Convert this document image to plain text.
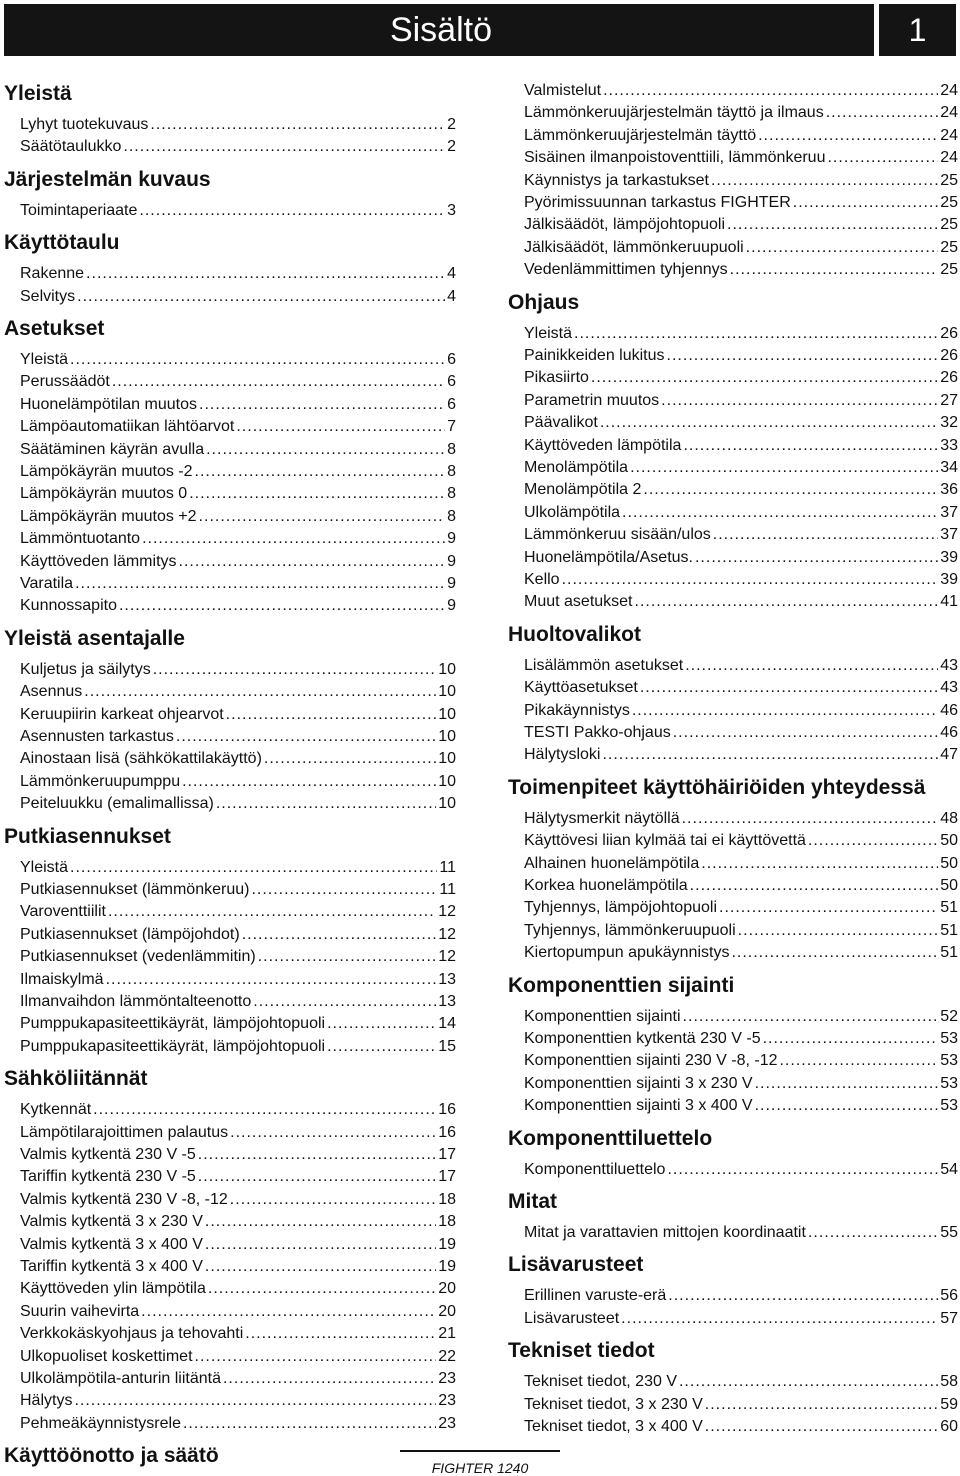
Sisältö	1
Yleistä
Lyhyt tuotekuvaus .....	2
Säätötaulukko .....	2
Järjestelmän kuvaus
Toimintaperiaate .....	3
Käyttötaulu
Rakenne .....	4
Selvitys .....	4
Asetukset
Yleistä .....	6
Perussäädöt .....	6
Huonelämpötilan muutos .....	6
Lämpöautomatiikan lähtöarvot .....	7
Säätäminen käyrän avulla .....	8
Lämpökäyrän muutos -2 .....	8
Lämpökäyrän muutos 0 .....	8
Lämpökäyrän muutos +2 .....	8
Lämmöntuotanto .....	9
Käyttöveden lämmitys .....	9
Varatila .....	9
Kunnossapito .....	9
Yleistä asentajalle
Kuljetus ja säilytys .....	10
Asennus .....	10
Keruupiirin karkeat ohjearvot .....	10
Asennusten tarkastus .....	10
Ainostaan lisä (sähkökattilakäyttö) .....	10
Lämmönkeruupumppu .....	10
Peiteluukku (emalimallissa) .....	10
Putkiasennukset
Yleistä .....	11
Putkiasennukset (lämmönkeruu) .....	11
Varoventtiilit .....	12
Putkiasennukset (lämpöjohdot) .....	12
Putkiasennukset (vedenlämmitin) .....	12
Ilmaiskylmä .....	13
Ilmanvaihdon lämmöntalteenotto .....	13
Pumppukapasiteettikäyrät, lämpöjohtopuoli .....	14
Pumppukapasiteettikäyrät, lämpöjohtopuoli .....	15
Sähköliitännät
Kytkennät .....	16
Lämpötilarajoittimen palautus .....	16
Valmis kytkentä 230 V -5 .....	17
Tariffin kytkentä 230 V -5 .....	17
Valmis kytkentä 230 V -8, -12 .....	18
Valmis kytkentä 3 x 230 V .....	18
Valmis kytkentä 3 x 400 V .....	19
Tariffin kytkentä 3 x 400 V .....	19
Käyttöveden ylin lämpötila .....	20
Suurin vaihevirta .....	20
Verkkokäskyohjaus ja tehovahti .....	21
Ulkopuoliset koskettimet .....	22
Ulkolämpötila-anturin liitäntä .....	23
Hälytys .....	23
Pehmeäkäynnistysrele .....	23
Käyttöönotto ja säätö
Valmistelut .....	24
Lämmönkeruujärjestelmän täyttö ja ilmaus .....	24
Lämmönkeruujärjestelmän täyttö .....	24
Sisäinen ilmanpoistoventtiili, lämmönkeruu .....	24
Käynnistys ja tarkastukset .....	25
Pyörimissuunnan tarkastus FIGHTER .....	25
Jälkisäädöt, lämpöjohtopuoli .....	25
Jälkisäädöt, lämmönkeruupuoli .....	25
Vedenlämmittimen tyhjennys .....	25
Ohjaus
Yleistä .....	26
Painikkeiden lukitus .....	26
Pikasiirto .....	26
Parametrin muutos .....	27
Päävalikot .....	32
Käyttöveden lämpötila .....	33
Menolämpötila .....	34
Menolämpötila 2 .....	36
Ulkolämpötila .....	37
Lämmönkeruu sisään/ulos .....	37
Huonelämpötila/Asetus. .....	39
Kello .....	39
Muut asetukset .....	41
Huoltovalikot
Lisälämmön asetukset .....	43
Käyttöasetukset .....	43
Pikakäynnistys .....	46
TESTI Pakko-ohjaus .....	46
Hälytysloki .....	47
Toimenpiteet käyttöhäiriöiden yhteydessä
Hälytysmerkit näytöllä .....	48
Käyttövesi liian kylmää tai ei käyttövettä .....	50
Alhainen huonelämpötila .....	50
Korkea huonelämpötila .....	50
Tyhjennys, lämpöjohtopuoli .....	51
Tyhjennys, lämmönkeruupuoli .....	51
Kiertopumpun apukäynnistys .....	51
Komponenttien sijainti
Komponenttien sijainti .....	52
Komponenttien kytkentä 230 V -5 .....	53
Komponenttien sijainti 230 V -8, -12 .....	53
Komponenttien sijainti 3 x 230 V .....	53
Komponenttien sijainti 3 x 400 V .....	53
Komponenttiluettelo
Komponenttiluettelo .....	54
Mitat
Mitat ja varattavien mittojen koordinaatit .....	55
Lisävarusteet
Erillinen varuste-erä .....	56
Lisävarusteet .....	57
Tekniset tiedot
Tekniset tiedot, 230 V .....	58
Tekniset tiedot, 3 x 230 V .....	59
Tekniset tiedot, 3 x 400 V .....	60
FIGHTER 1240
